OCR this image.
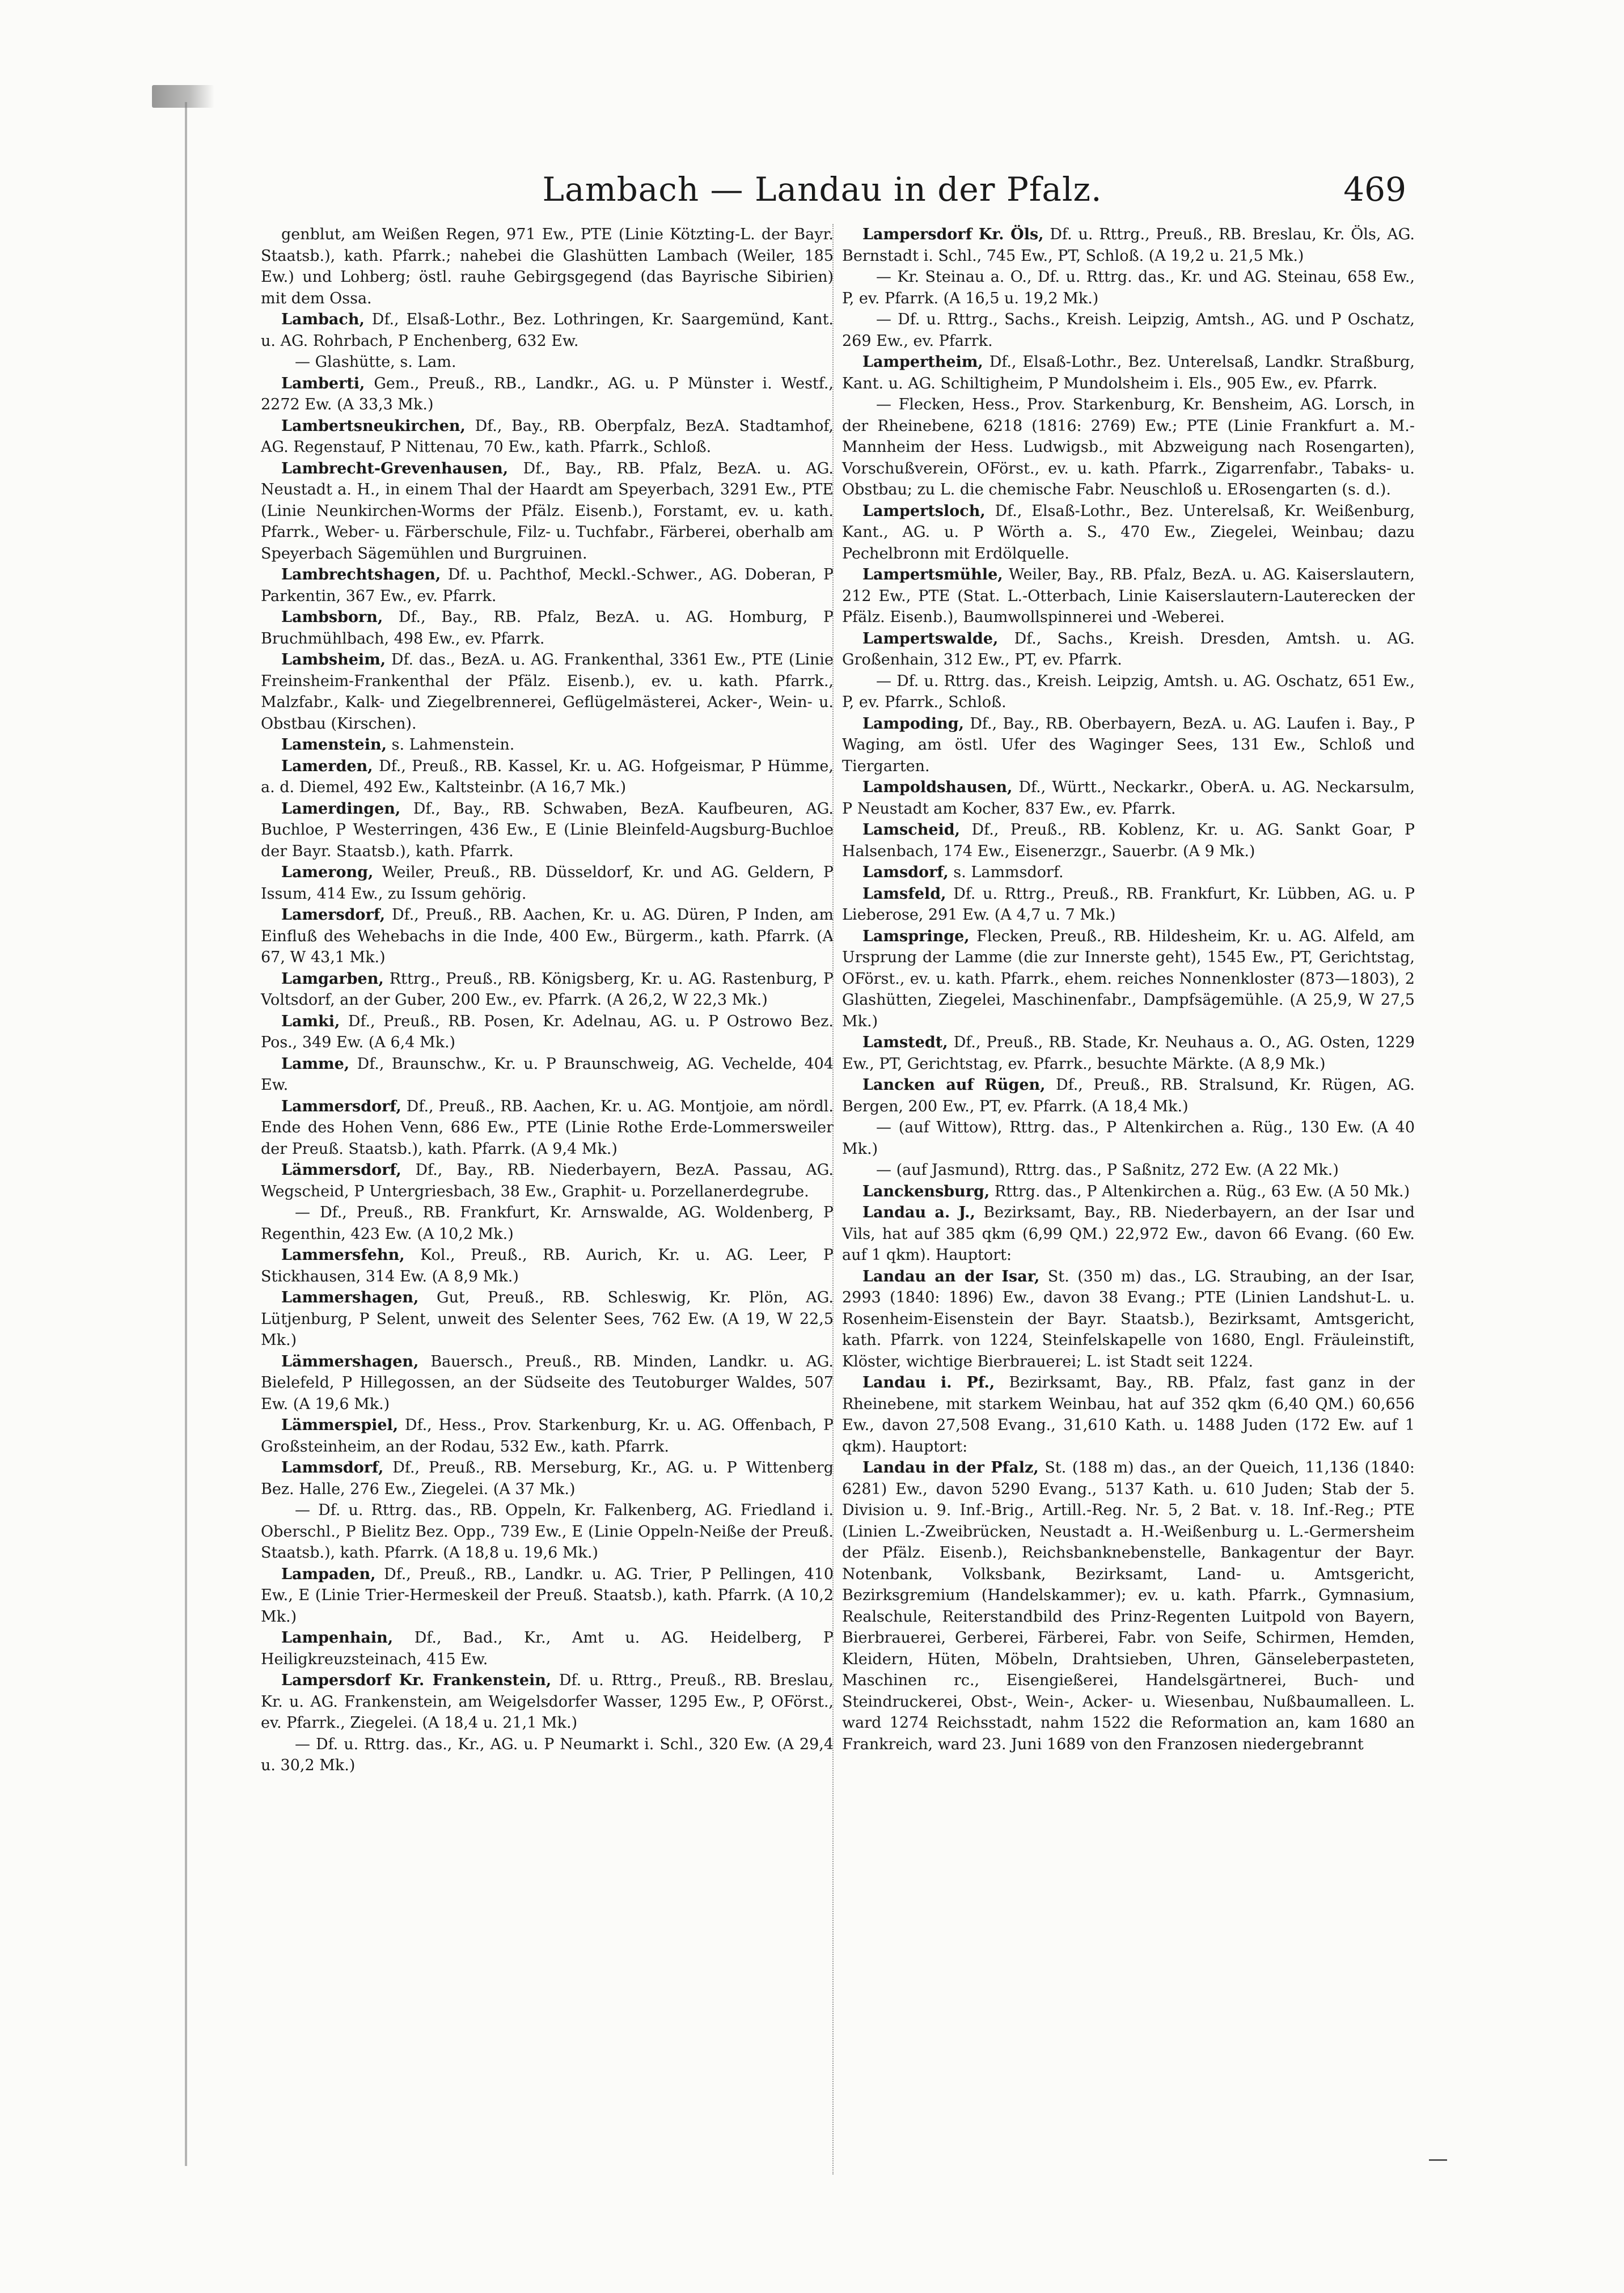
Lambach — Landau in der Pfalz.	469

genblut, am Weißen Regen, 971 Ew., PTE (Linie Kötzting-L. der Bayr. Staatsb.), kath. Pfarrk.; nahebei die Glashütten Lambach (Weiler, 185 Ew.) und Lohberg; östl. rauhe Gebirgsgegend (das Bayrische Sibirien) mit dem Ossa.

Lambach, Df., Elsaß-Lothr., Bez. Lothringen, Kr. Saargemünd, Kant. u. AG. Rohrbach, P Enchenberg, 632 Ew.

— Glashütte, s. Lam.

Lamberti, Gem., Preuß., RB., Landkr., AG. u. P Münster i. Westf., 2272 Ew. (A 33,3 Mk.)

Lambertsneukirchen, Df., Bay., RB. Oberpfalz, BezA. Stadtamhof, AG. Regenstauf, P Nittenau, 70 Ew., kath. Pfarrk., Schloß.

Lambrecht-Grevenhausen, Df., Bay., RB. Pfalz, BezA. u. AG. Neustadt a. H., in einem Thal der Haardt am Speyerbach, 3291 Ew., PTE (Linie Neunkirchen-Worms der Pfälz. Eisenb.), Forstamt, ev. u. kath. Pfarrk., Weber- u. Färberschule, Filz- u. Tuchfabr., Färberei, oberhalb am Speyerbach Sägemühlen und Burgruinen.

Lambrechtshagen, Df. u. Pachthof, Meckl.-Schwer., AG. Doberan, P Parkentin, 367 Ew., ev. Pfarrk.

Lambsborn, Df., Bay., RB. Pfalz, BezA. u. AG. Homburg, P Bruchmühlbach, 498 Ew., ev. Pfarrk.

Lambsheim, Df. das., BezA. u. AG. Frankenthal, 3361 Ew., PTE (Linie Freinsheim-Frankenthal der Pfälz. Eisenb.), ev. u. kath. Pfarrk., Malzfabr., Kalk- und Ziegelbrennerei, Geflügelmästerei, Acker-, Wein- u. Obstbau (Kirschen).

Lamenstein, s. Lahmenstein.

Lamerden, Df., Preuß., RB. Kassel, Kr. u. AG. Hofgeismar, P Hümme, a. d. Diemel, 492 Ew., Kaltsteinbr. (A 16,7 Mk.)

Lamerdingen, Df., Bay., RB. Schwaben, BezA. Kaufbeuren, AG. Buchloe, P Westerringen, 436 Ew., E (Linie Bleinfeld-Augsburg-Buchloe der Bayr. Staatsb.), kath. Pfarrk.

Lamerong, Weiler, Preuß., RB. Düsseldorf, Kr. und AG. Geldern, P Issum, 414 Ew., zu Issum gehörig.

Lamersdorf, Df., Preuß., RB. Aachen, Kr. u. AG. Düren, P Inden, am Einfluß des Wehebachs in die Inde, 400 Ew., Bürgerm., kath. Pfarrk. (A 67, W 43,1 Mk.)

Lamgarben, Rttrg., Preuß., RB. Königsberg, Kr. u. AG. Rastenburg, P Voltsdorf, an der Guber, 200 Ew., ev. Pfarrk. (A 26,2, W 22,3 Mk.)

Lamki, Df., Preuß., RB. Posen, Kr. Adelnau, AG. u. P Ostrowo Bez. Pos., 349 Ew. (A 6,4 Mk.)

Lamme, Df., Braunschw., Kr. u. P Braunschweig, AG. Vechelde, 404 Ew.

Lammersdorf, Df., Preuß., RB. Aachen, Kr. u. AG. Montjoie, am nördl. Ende des Hohen Venn, 686 Ew., PTE (Linie Rothe Erde-Lommersweiler der Preuß. Staatsb.), kath. Pfarrk. (A 9,4 Mk.)

Lämmersdorf, Df., Bay., RB. Niederbayern, BezA. Passau, AG. Wegscheid, P Untergriesbach, 38 Ew., Graphit- u. Porzellanerdegrube.

— Df., Preuß., RB. Frankfurt, Kr. Arnswalde, AG. Woldenberg, P Regenthin, 423 Ew. (A 10,2 Mk.)

Lammersfehn, Kol., Preuß., RB. Aurich, Kr. u. AG. Leer, P Stickhausen, 314 Ew. (A 8,9 Mk.)

Lammershagen, Gut, Preuß., RB. Schleswig, Kr. Plön, AG. Lütjenburg, P Selent, unweit des Selenter Sees, 762 Ew. (A 19, W 22,5 Mk.)

Lämmershagen, Bauersch., Preuß., RB. Minden, Landkr. u. AG. Bielefeld, P Hillegossen, an der Südseite des Teutoburger Waldes, 507 Ew. (A 19,6 Mk.)

Lämmerspiel, Df., Hess., Prov. Starkenburg, Kr. u. AG. Offenbach, P Großsteinheim, an der Rodau, 532 Ew., kath. Pfarrk.

Lammsdorf, Df., Preuß., RB. Merseburg, Kr., AG. u. P Wittenberg Bez. Halle, 276 Ew., Ziegelei. (A 37 Mk.)

— Df. u. Rttrg. das., RB. Oppeln, Kr. Falkenberg, AG. Friedland i. Oberschl., P Bielitz Bez. Opp., 739 Ew., E (Linie Oppeln-Neiße der Preuß. Staatsb.), kath. Pfarrk. (A 18,8 u. 19,6 Mk.)

Lampaden, Df., Preuß., RB., Landkr. u. AG. Trier, P Pellingen, 410 Ew., E (Linie Trier-Hermeskeil der Preuß. Staatsb.), kath. Pfarrk. (A 10,2 Mk.)

Lampenhain, Df., Bad., Kr., Amt u. AG. Heidelberg, P Heiligkreuzsteinach, 415 Ew.

Lampersdorf Kr. Frankenstein, Df. u. Rttrg., Preuß., RB. Breslau, Kr. u. AG. Frankenstein, am Weigelsdorfer Wasser, 1295 Ew., P, OFörst., ev. Pfarrk., Ziegelei. (A 18,4 u. 21,1 Mk.)

— Df. u. Rttrg. das., Kr., AG. u. P Neumarkt i. Schl., 320 Ew. (A 29,4 u. 30,2 Mk.)

Lampersdorf Kr. Öls, Df. u. Rttrg., Preuß., RB. Breslau, Kr. Öls, AG. Bernstadt i. Schl., 745 Ew., PT, Schloß. (A 19,2 u. 21,5 Mk.)

— Kr. Steinau a. O., Df. u. Rttrg. das., Kr. und AG. Steinau, 658 Ew., P, ev. Pfarrk. (A 16,5 u. 19,2 Mk.)

— Df. u. Rttrg., Sachs., Kreish. Leipzig, Amtsh., AG. und P Oschatz, 269 Ew., ev. Pfarrk.

Lampertheim, Df., Elsaß-Lothr., Bez. Unterelsaß, Landkr. Straßburg, Kant. u. AG. Schiltigheim, P Mundolsheim i. Els., 905 Ew., ev. Pfarrk.

— Flecken, Hess., Prov. Starkenburg, Kr. Bensheim, AG. Lorsch, in der Rheinebene, 6218 (1816: 2769) Ew.; PTE (Linie Frankfurt a. M.-Mannheim der Hess. Ludwigsb., mit Abzweigung nach Rosengarten), Vorschußverein, OFörst., ev. u. kath. Pfarrk., Zigarrenfabr., Tabaks- u. Obstbau; zu L. die chemische Fabr. Neuschloß u. ERosengarten (s. d.).

Lampertsloch, Df., Elsaß-Lothr., Bez. Unterelsaß, Kr. Weißenburg, Kant., AG. u. P Wörth a. S., 470 Ew., Ziegelei, Weinbau; dazu Pechelbronn mit Erdölquelle.

Lampertsmühle, Weiler, Bay., RB. Pfalz, BezA. u. AG. Kaiserslautern, 212 Ew., PTE (Stat. L.-Otterbach, Linie Kaiserslautern-Lauterecken der Pfälz. Eisenb.), Baumwollspinnerei und -Weberei.

Lampertswalde, Df., Sachs., Kreish. Dresden, Amtsh. u. AG. Großenhain, 312 Ew., PT, ev. Pfarrk.

— Df. u. Rttrg. das., Kreish. Leipzig, Amtsh. u. AG. Oschatz, 651 Ew., P, ev. Pfarrk., Schloß.

Lampoding, Df., Bay., RB. Oberbayern, BezA. u. AG. Laufen i. Bay., P Waging, am östl. Ufer des Waginger Sees, 131 Ew., Schloß und Tiergarten.

Lampoldshausen, Df., Württ., Neckarkr., OberA. u. AG. Neckarsulm, P Neustadt am Kocher, 837 Ew., ev. Pfarrk.

Lamscheid, Df., Preuß., RB. Koblenz, Kr. u. AG. Sankt Goar, P Halsenbach, 174 Ew., Eisenerzgr., Sauerbr. (A 9 Mk.)

Lamsdorf, s. Lammsdorf.

Lamsfeld, Df. u. Rttrg., Preuß., RB. Frankfurt, Kr. Lübben, AG. u. P Lieberose, 291 Ew. (A 4,7 u. 7 Mk.)

Lamspringe, Flecken, Preuß., RB. Hildesheim, Kr. u. AG. Alfeld, am Ursprung der Lamme (die zur Innerste geht), 1545 Ew., PT, Gerichtstag, OFörst., ev. u. kath. Pfarrk., ehem. reiches Nonnenkloster (873—1803), 2 Glashütten, Ziegelei, Maschinenfabr., Dampfsägemühle. (A 25,9, W 27,5 Mk.)

Lamstedt, Df., Preuß., RB. Stade, Kr. Neuhaus a. O., AG. Osten, 1229 Ew., PT, Gerichtstag, ev. Pfarrk., besuchte Märkte. (A 8,9 Mk.)

Lancken auf Rügen, Df., Preuß., RB. Stralsund, Kr. Rügen, AG. Bergen, 200 Ew., PT, ev. Pfarrk. (A 18,4 Mk.)

— (auf Wittow), Rttrg. das., P Altenkirchen a. Rüg., 130 Ew. (A 40 Mk.)

— (auf Jasmund), Rttrg. das., P Saßnitz, 272 Ew. (A 22 Mk.)

Lanckensburg, Rttrg. das., P Altenkirchen a. Rüg., 63 Ew. (A 50 Mk.)

Landau a. J., Bezirksamt, Bay., RB. Niederbayern, an der Isar und Vils, hat auf 385 qkm (6,99 QM.) 22,972 Ew., davon 66 Evang. (60 Ew. auf 1 qkm). Hauptort:

Landau an der Isar, St. (350 m) das., LG. Straubing, an der Isar, 2993 (1840: 1896) Ew., davon 38 Evang.; PTE (Linien Landshut-L. u. Rosenheim-Eisenstein der Bayr. Staatsb.), Bezirksamt, Amtsgericht, kath. Pfarrk. von 1224, Steinfelskapelle von 1680, Engl. Fräuleinstift, Klöster, wichtige Bierbrauerei; L. ist Stadt seit 1224.

Landau i. Pf., Bezirksamt, Bay., RB. Pfalz, fast ganz in der Rheinebene, mit starkem Weinbau, hat auf 352 qkm (6,40 QM.) 60,656 Ew., davon 27,508 Evang., 31,610 Kath. u. 1488 Juden (172 Ew. auf 1 qkm). Hauptort:

Landau in der Pfalz, St. (188 m) das., an der Queich, 11,136 (1840: 6281) Ew., davon 5290 Evang., 5137 Kath. u. 610 Juden; Stab der 5. Division u. 9. Inf.-Brig., Artill.-Reg. Nr. 5, 2 Bat. v. 18. Inf.-Reg.; PTE (Linien L.-Zweibrücken, Neustadt a. H.-Weißenburg u. L.-Germersheim der Pfälz. Eisenb.), Reichsbanknebenstelle, Bankagentur der Bayr. Notenbank, Volksbank, Bezirksamt, Land- u. Amtsgericht, Bezirksgremium (Handelskammer); ev. u. kath. Pfarrk., Gymnasium, Realschule, Reiterstandbild des Prinz-Regenten Luitpold von Bayern, Bierbrauerei, Gerberei, Färberei, Fabr. von Seife, Schirmen, Hemden, Kleidern, Hüten, Möbeln, Drahtsieben, Uhren, Gänseleberpasteten, Maschinen rc., Eisengießerei, Handelsgärtnerei, Buch- und Steindruckerei, Obst-, Wein-, Acker- u. Wiesenbau, Nußbaumalleen. L. ward 1274 Reichsstadt, nahm 1522 die Reformation an, kam 1680 an Frankreich, ward 23. Juni 1689 von den Franzosen niedergebrannt
